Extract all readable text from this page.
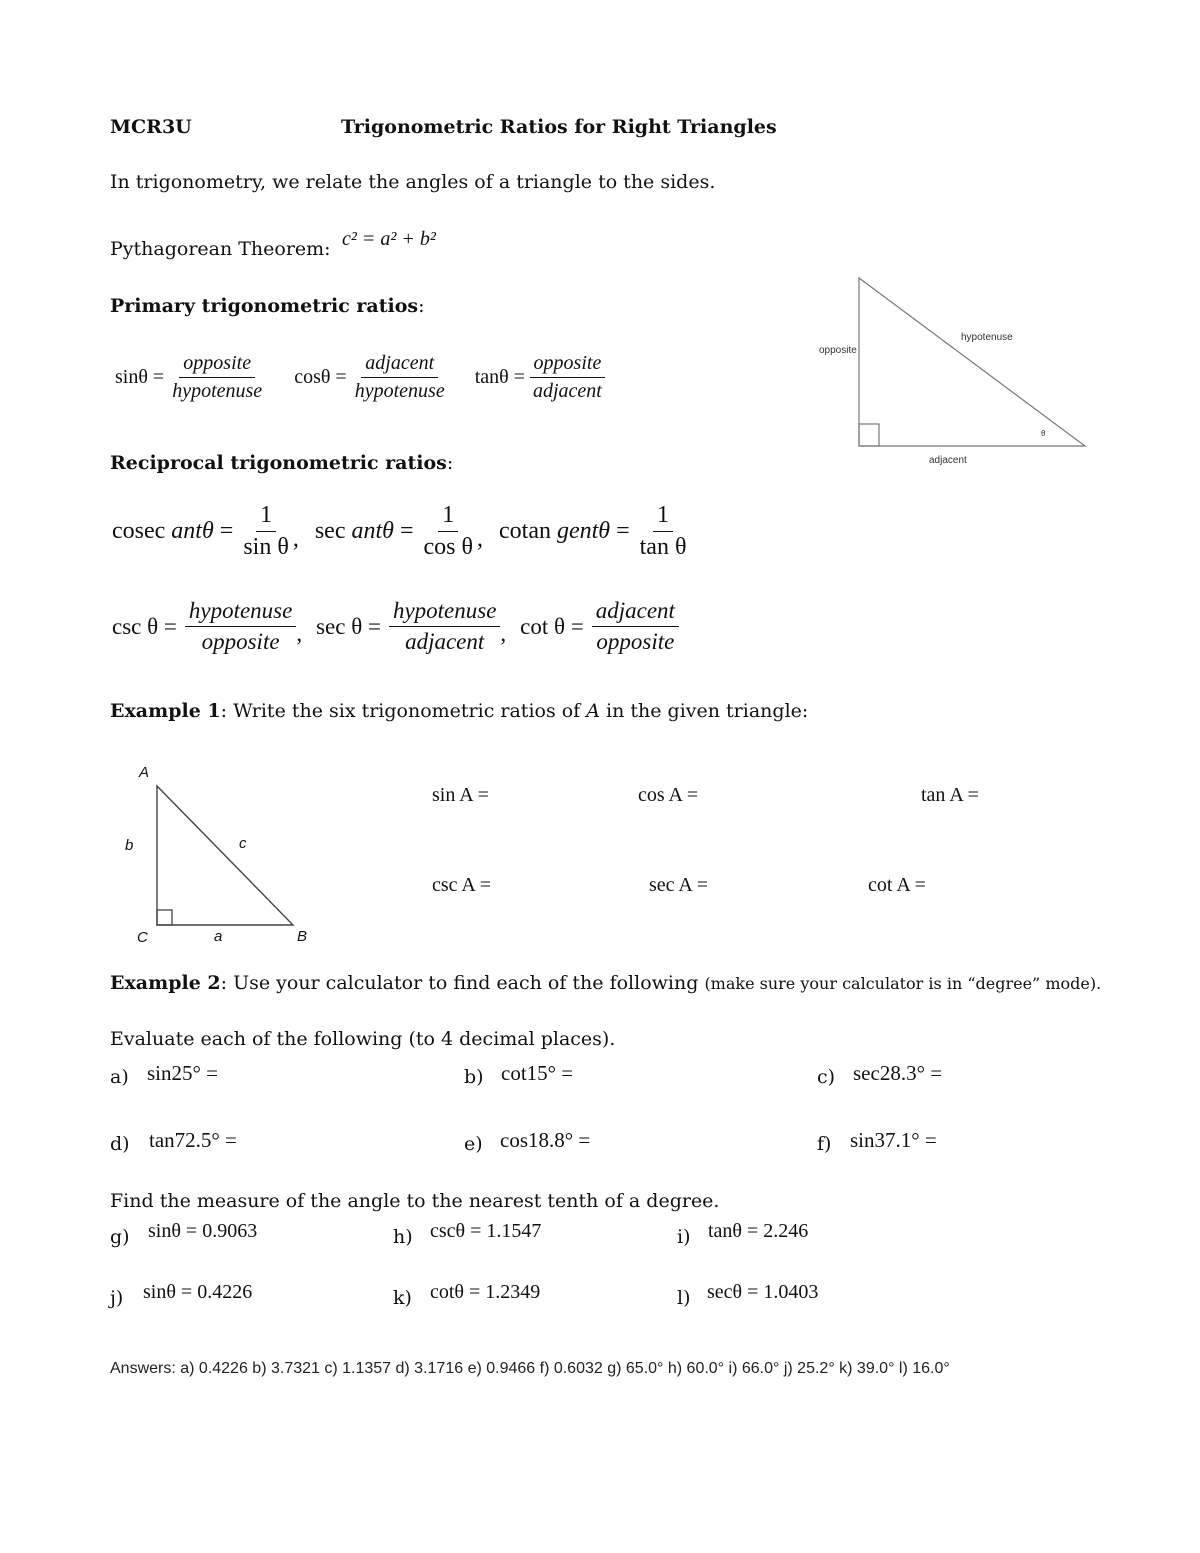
MCR3U	Trigonometric Ratios for Right Triangles
In trigonometry, we relate the angles of a triangle to the sides.
Pythagorean Theorem: c² = a² + b²
Primary trigonometric ratios:
$\sin\theta = \frac{\text{opposite}}{\text{hypotenuse}}$ $\cos\theta = \frac{\text{adjacent}}{\text{hypotenuse}}$ $\tan\theta = \frac{\text{opposite}}{\text{adjacent}}$
opposite
hypotenuse
adjacent
θ
Reciprocal trigonometric ratios:
cosec
$ant\theta = \frac{1}{\text{sin θ}}$ , sec
$ant\theta = \frac{1}{\text{cos θ}}$ , cotan
gentθ = $\frac{1}{\text{tan θ}}$
$\csc \theta = \frac{\text{hypotenuse}}{\text{opposite}}$ , $\sec \theta = \frac{\text{hypotenuse}}{\text{adjacent}}$ , $\cot \theta = \frac{\text{adjacent}}{\text{opposite}}$
Example 1: Write the six trigonometric ratios of A in the given triangle:
A
B
C	a
b	c
sin A =	cos A =	tan A =
csc A =	sec A =	cot A =
Example 2: Use your calculator to find each of the following (make sure your calculator is in “degree” mode).
Evaluate each of the following (to 4 decimal places).
a) sin25° =	b) cot15° =	c) sec28.3° =
d) tan72.5° =	e) cos18.8° =	f) sin37.1° =
Find the measure of the angle to the nearest tenth of a degree.
g) sinθ = 0.9063	h) cscθ = 1.1547	i) tanθ = 2.246
j) sinθ = 0.4226	k) cotθ = 1.2349	l) secθ = 1.0403
Answers: a) 0.4226 b) 3.7321 c) 1.1357 d) 3.1716 e) 0.9466 f) 0.6032 g) 65.0° h) 60.0° i) 66.0° j) 25.2° k) 39.0° l) 16.0°
